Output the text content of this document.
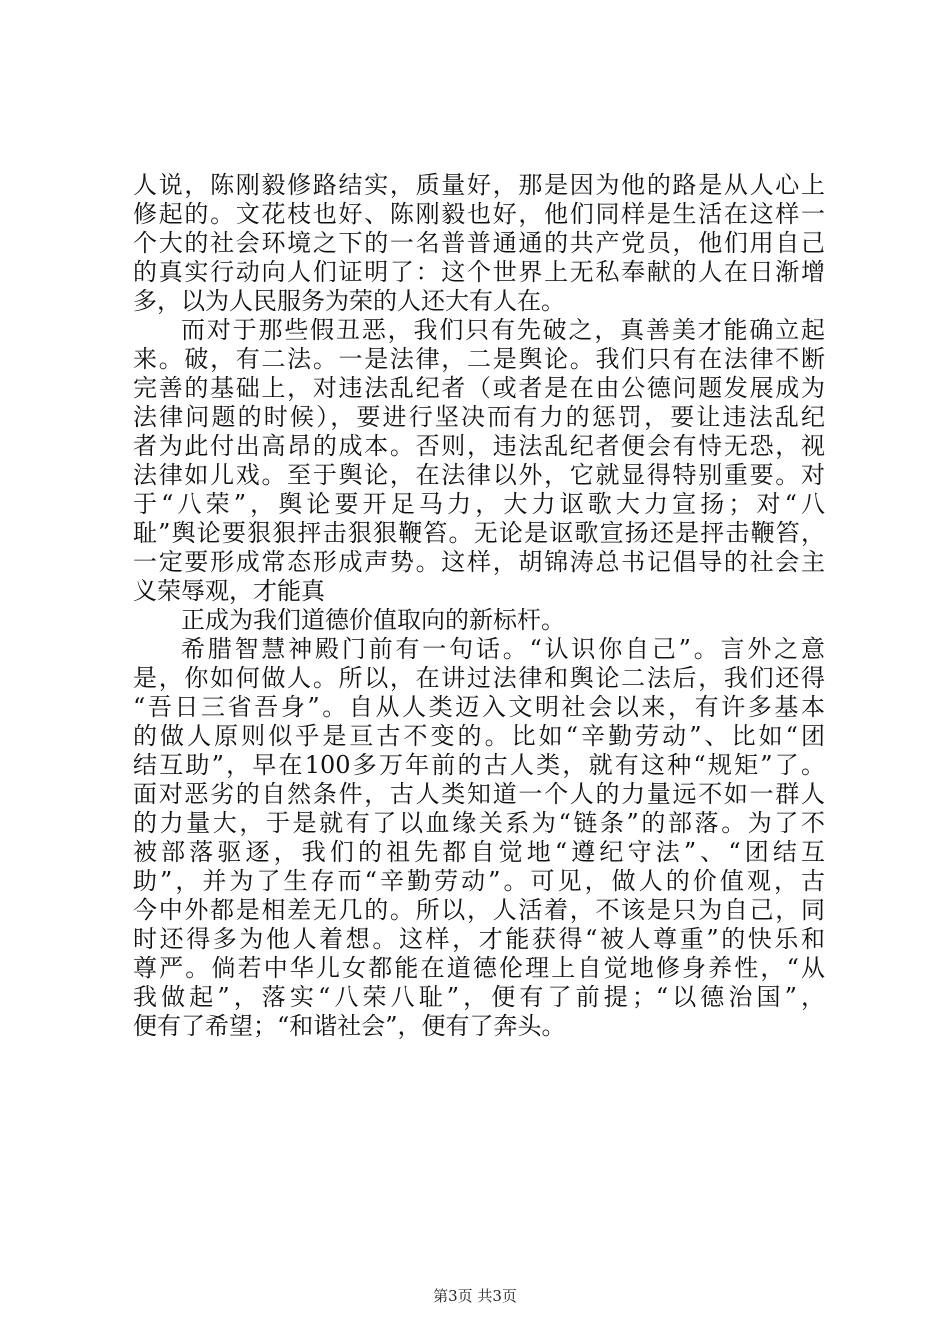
人说，陈刚毅修路结实，质量好，那是因为他的路是从人心上
修起的。文花枝也好、陈刚毅也好，他们同样是生活在这样一
个大的社会环境之下的一名普普通通的共产党员，他们用自己
的真实行动向人们证明了：这个世界上无私奉献的人在日渐增
多，以为人民服务为荣的人还大有人在。
而对于那些假丑恶，我们只有先破之，真善美才能确立起
来。破，有二法。一是法律，二是舆论。我们只有在法律不断
完善的基础上，对违法乱纪者（或者是在由公德问题发展成为
法律问题的时候），要进行坚决而有力的惩罚，要让违法乱纪
者为此付出高昂的成本。否则，违法乱纪者便会有恃无恐，视
法律如儿戏。至于舆论，在法律以外，它就显得特别重要。对
于“八荣”，舆论要开足马力，大力讴歌大力宣扬；对“八
耻”舆论要狠狠抨击狠狠鞭笞。无论是讴歌宣扬还是抨击鞭笞，
一定要形成常态形成声势。这样，胡锦涛总书记倡导的社会主
义荣辱观，才能真
正成为我们道德价值取向的新标杆。
希腊智慧神殿门前有一句话。“认识你自己”。言外之意
是，你如何做人。所以，在讲过法律和舆论二法后，我们还得
“吾日三省吾身”。自从人类迈入文明社会以来，有许多基本
的做人原则似乎是亘古不变的。比如“辛勤劳动”、比如“团
结互助”，早在100多万年前的古人类，就有这种“规矩”了。
面对恶劣的自然条件，古人类知道一个人的力量远不如一群人
的力量大，于是就有了以血缘关系为“链条”的部落。为了不
被部落驱逐，我们的祖先都自觉地“遵纪守法”、“团结互
助”，并为了生存而“辛勤劳动”。可见，做人的价值观，古
今中外都是相差无几的。所以，人活着，不该是只为自己，同
时还得多为他人着想。这样，才能获得“被人尊重”的快乐和
尊严。倘若中华儿女都能在道德伦理上自觉地修身养性，“从
我做起”，落实“八荣八耻”，便有了前提；“以德治国”，
便有了希望；“和谐社会”，便有了奔头。
第3页 共3页
